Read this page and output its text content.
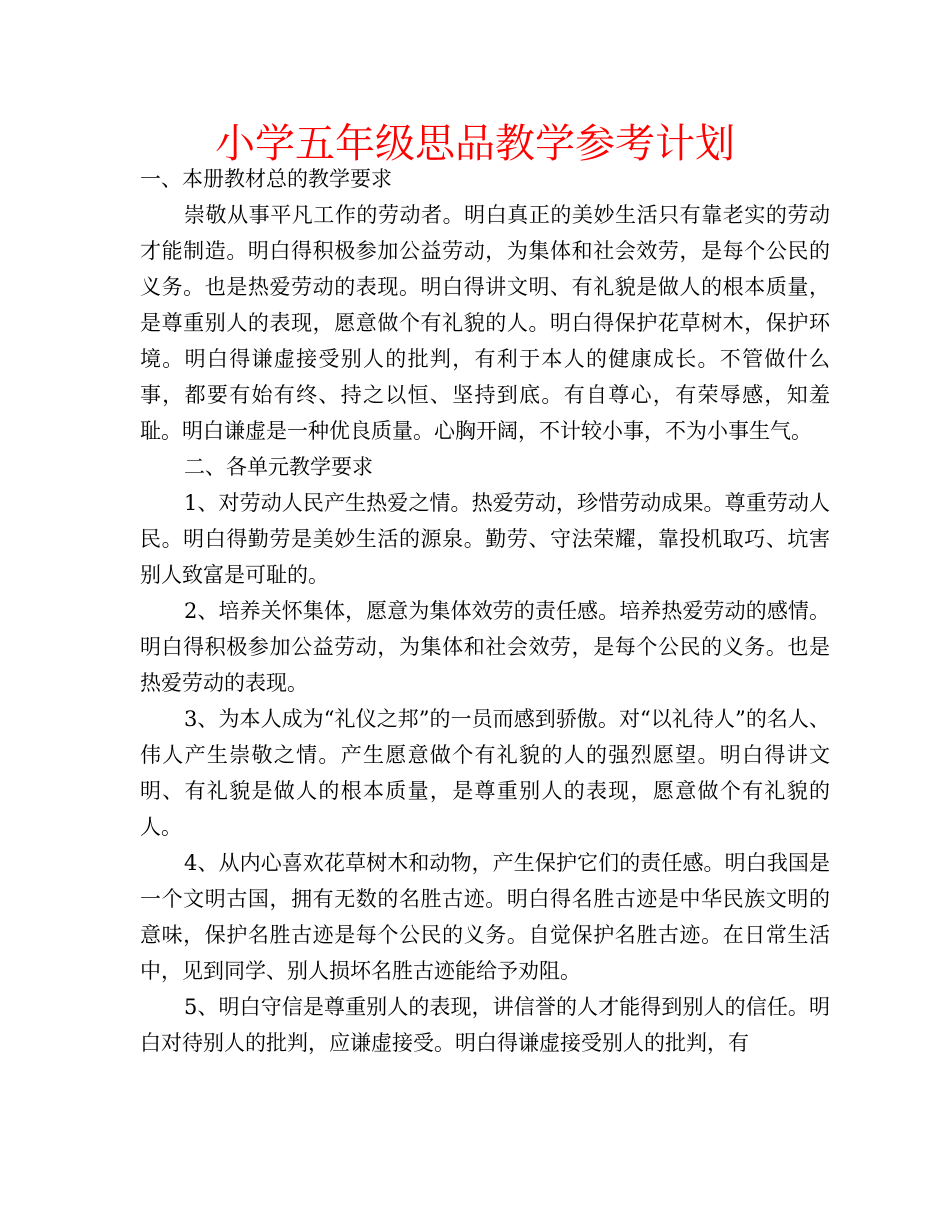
小学五年级思品教学参考计划

一、本册教材总的教学要求

崇敬从事平凡工作的劳动者。明白真正的美妙生活只有靠老实的劳动才能制造。明白得积极参加公益劳动，为集体和社会效劳，是每个公民的义务。也是热爱劳动的表现。明白得讲文明、有礼貌是做人的根本质量，是尊重别人的表现，愿意做个有礼貌的人。明白得保护花草树木，保护环境。明白得谦虚接受别人的批判，有利于本人的健康成长。不管做什么事，都要有始有终、持之以恒、坚持到底。有自尊心，有荣辱感，知羞耻。明白谦虚是一种优良质量。心胸开阔，不计较小事，不为小事生气。

二、各单元教学要求

1、对劳动人民产生热爱之情。热爱劳动，珍惜劳动成果。尊重劳动人民。明白得勤劳是美妙生活的源泉。勤劳、守法荣耀，靠投机取巧、坑害别人致富是可耻的。

2、培养关怀集体，愿意为集体效劳的责任感。培养热爱劳动的感情。明白得积极参加公益劳动，为集体和社会效劳，是每个公民的义务。也是热爱劳动的表现。

3、为本人成为“礼仪之邦”的一员而感到骄傲。对“以礼待人”的名人、伟人产生崇敬之情。产生愿意做个有礼貌的人的强烈愿望。明白得讲文明、有礼貌是做人的根本质量，是尊重别人的表现，愿意做个有礼貌的人。

4、从内心喜欢花草树木和动物，产生保护它们的责任感。明白我国是一个文明古国，拥有无数的名胜古迹。明白得名胜古迹是中华民族文明的意味，保护名胜古迹是每个公民的义务。自觉保护名胜古迹。在日常生活中，见到同学、别人损坏名胜古迹能给予劝阻。

5、明白守信是尊重别人的表现，讲信誉的人才能得到别人的信任。明白对待别人的批判，应谦虚接受。明白得谦虚接受别人的批判，有
